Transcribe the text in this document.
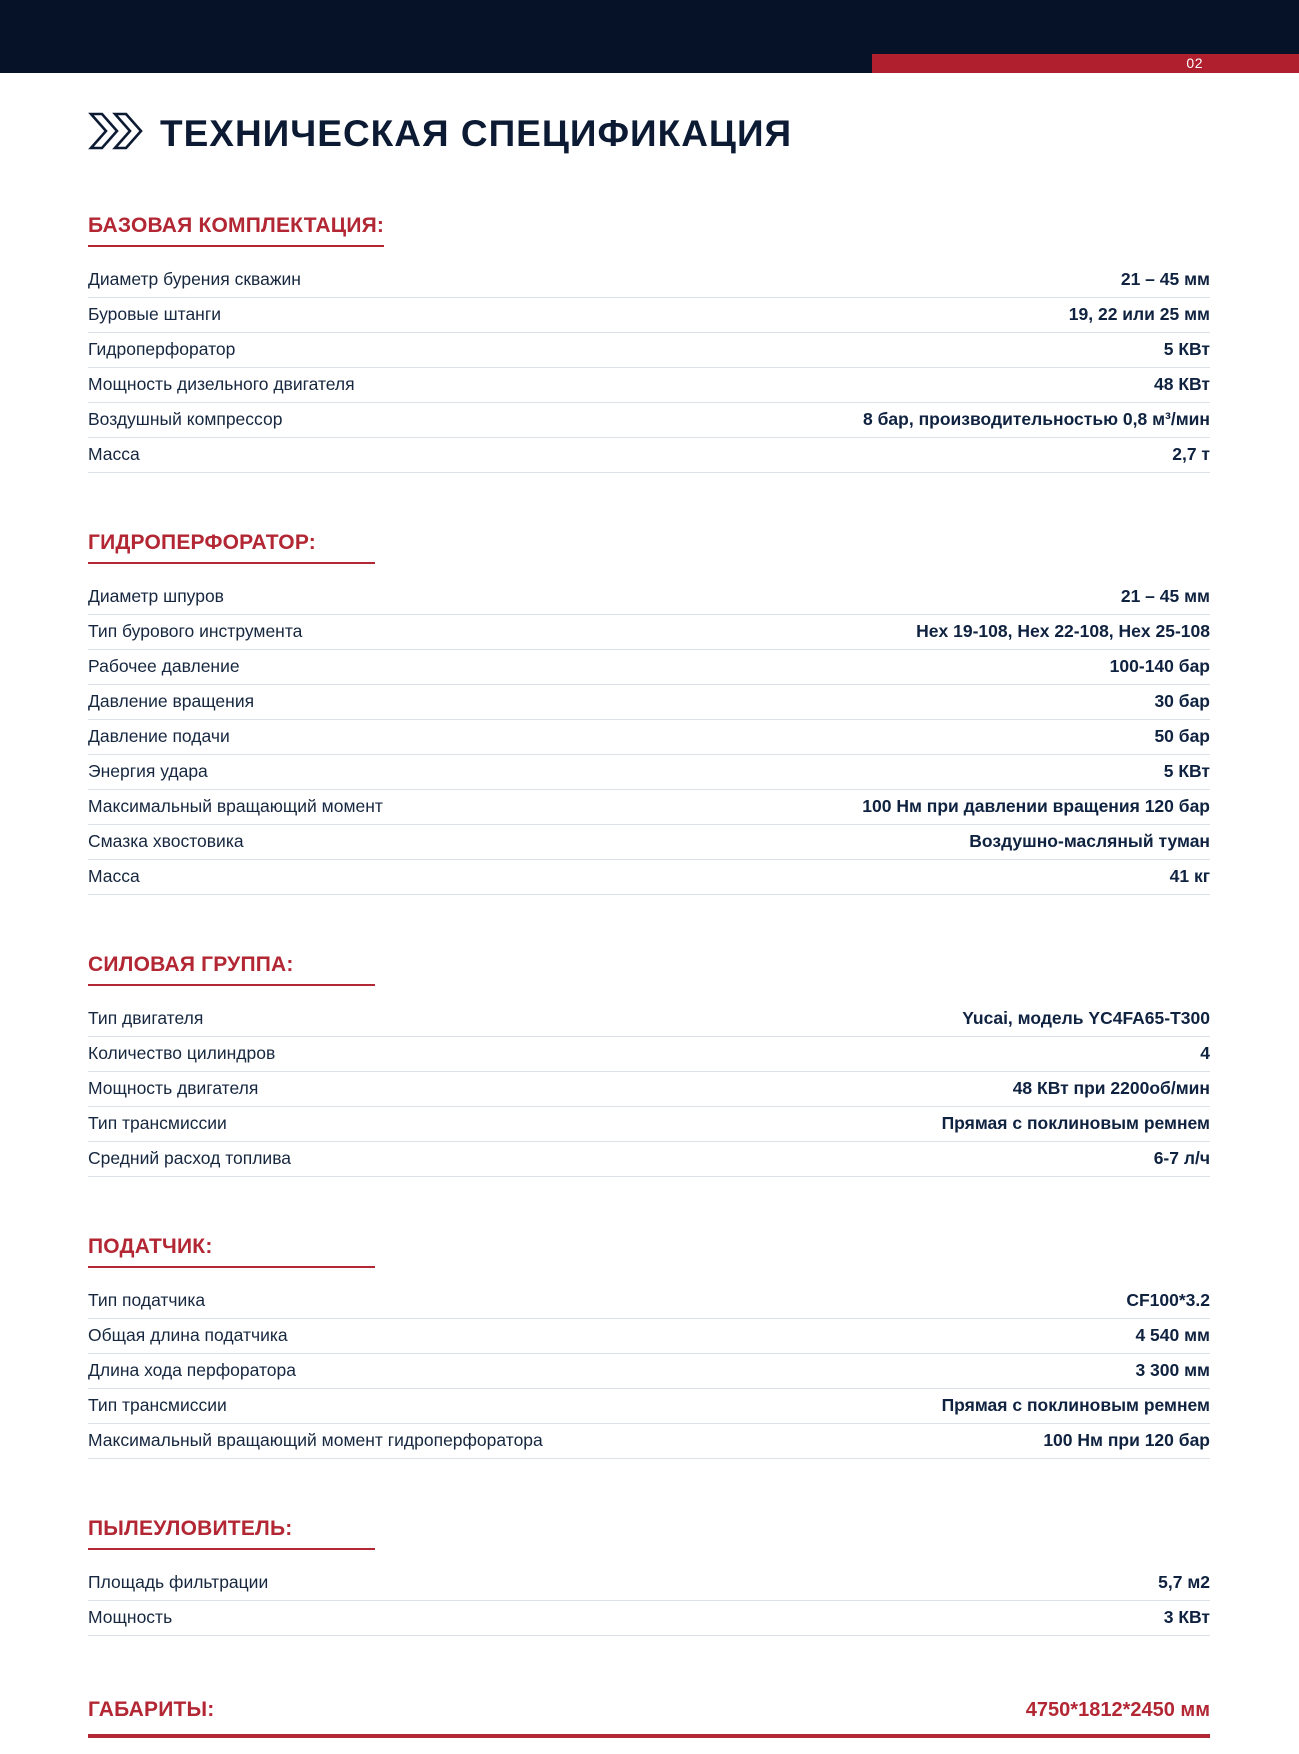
02
ТЕХНИЧЕСКАЯ СПЕЦИФИКАЦИЯ
БАЗОВАЯ КОМПЛЕКТАЦИЯ:
Диаметр бурения скважин	21 – 45 мм
Буровые штанги	19, 22 или 25 мм
Гидроперфоратор	5 КВт
Мощность дизельного двигателя	48 КВт
Воздушный компрессор	8 бар, производительностью 0,8 м³/мин
Масса	2,7 т
ГИДРОПЕРФОРАТОР:
Диаметр шпуров	21 – 45 мм
Тип бурового инструмента	Hex 19-108, Hex 22-108, Hex 25-108
Рабочее давление	100-140 бар
Давление вращения	30 бар
Давление подачи	50 бар
Энергия удара	5 КВт
Максимальный вращающий момент	100 Нм при давлении вращения 120 бар
Смазка хвостовика	Воздушно-масляный туман
Масса	41 кг
СИЛОВАЯ ГРУППА:
Тип двигателя	Yucai, модель YC4FA65-T300
Количество цилиндров	4
Мощность двигателя	48 КВт при 2200об/мин
Тип трансмиссии	Прямая с поклиновым ремнем
Средний расход топлива	6-7 л/ч
ПОДАТЧИК:
Тип податчика	CF100*3.2
Общая длина податчика	4 540 мм
Длина хода перфоратора	3 300 мм
Тип трансмиссии	Прямая с поклиновым ремнем
Максимальный вращающий момент гидроперфоратора	100 Нм при 120 бар
ПЫЛЕУЛОВИТЕЛЬ:
Площадь фильтрации	5,7 м2
Мощность	3 КВт
ГАБАРИТЫ:	4750*1812*2450 мм
